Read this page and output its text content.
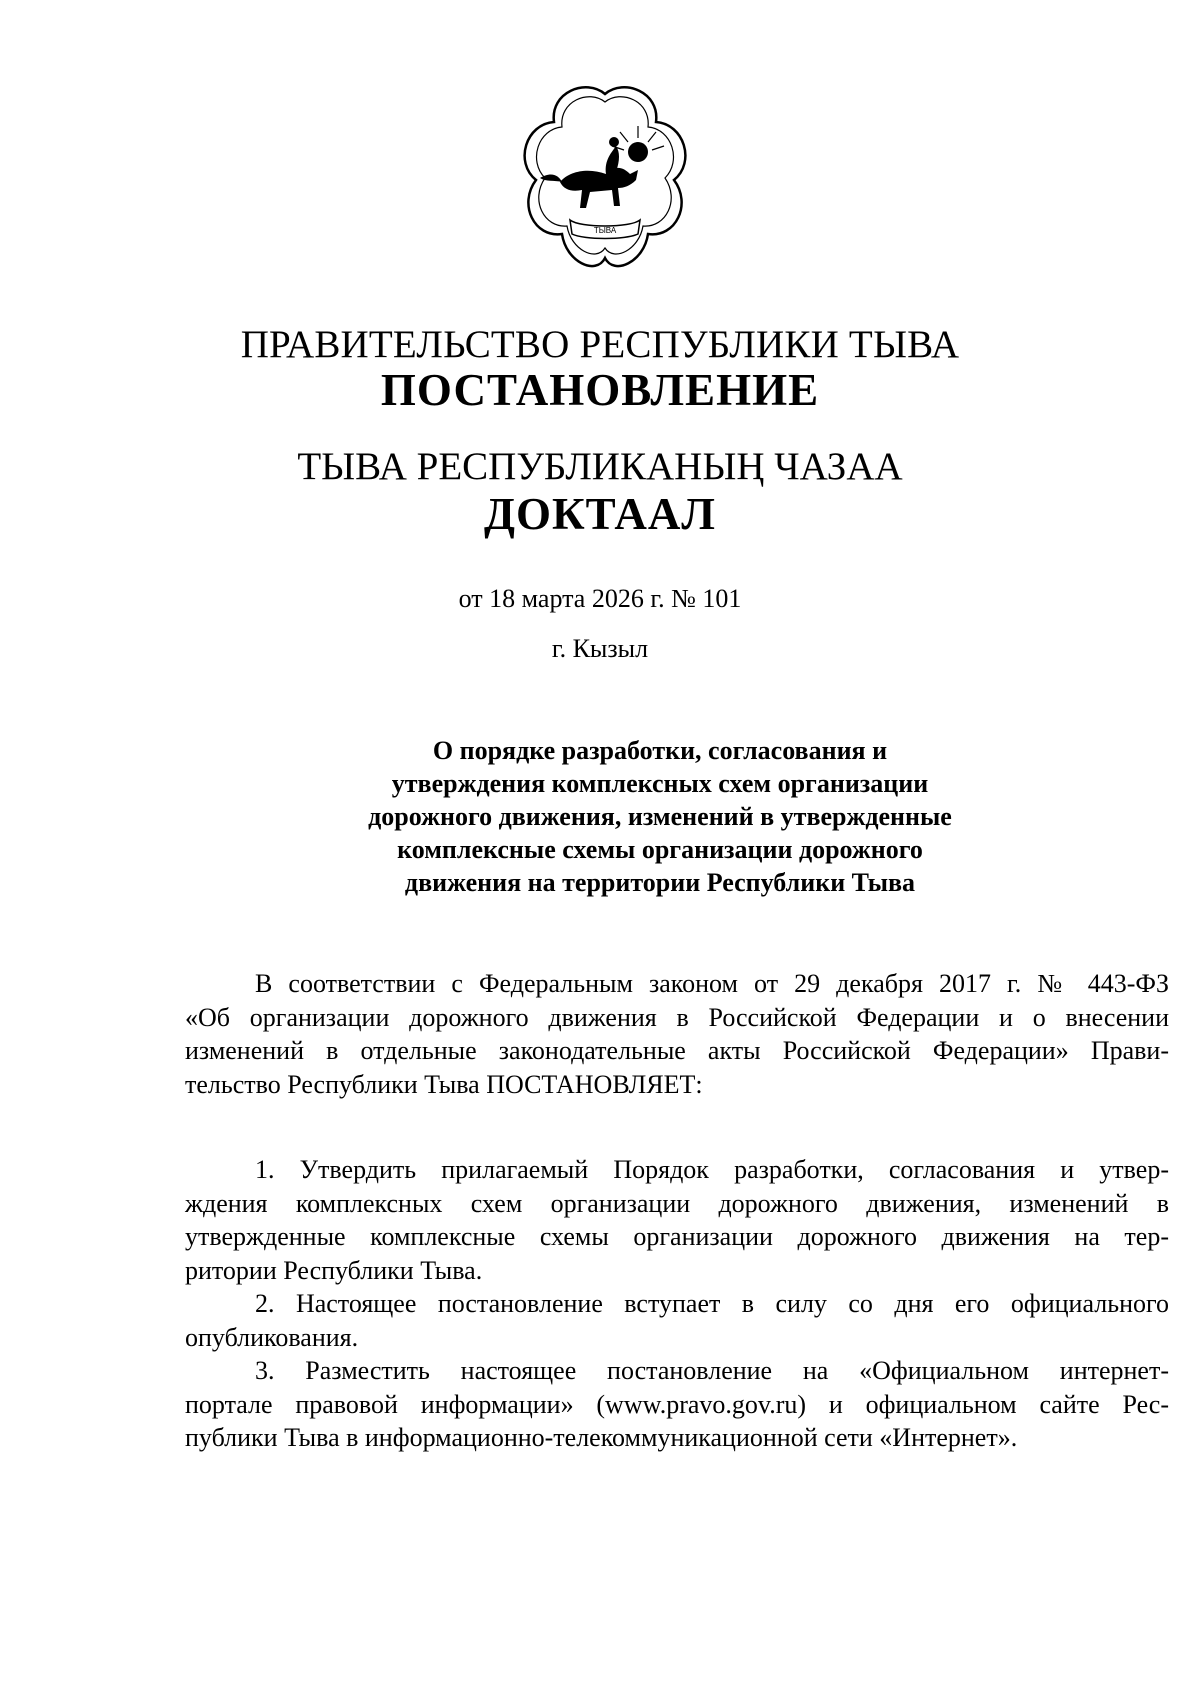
ТЫВА
ПРАВИТЕЛЬСТВО РЕСПУБЛИКИ ТЫВА
ПОСТАНОВЛЕНИЕ
ТЫВА РЕСПУБЛИКАНЫҢ ЧАЗАА
ДОКТААЛ
от 18 марта 2026 г. № 101
г. Кызыл
О порядке разработки, согласования и
утверждения комплексных схем организации
дорожного движения, изменений в утвержденные
комплексные схемы организации дорожного
движения на территории Республики Тыва
В соответствии с Федеральным законом от 29 декабря 2017 г. № 443-ФЗ
«Об организации дорожного движения в Российской Федерации и о внесении
изменений в отдельные законодательные акты Российской Федерации» Прави-
тельство Республики Тыва ПОСТАНОВЛЯЕТ:
1. Утвердить прилагаемый Порядок разработки, согласования и утвер-
ждения комплексных схем организации дорожного движения, изменений в
утвержденные комплексные схемы организации дорожного движения на тер-
ритории Республики Тыва.
2. Настоящее постановление вступает в силу со дня его официального
опубликования.
3. Разместить настоящее постановление на «Официальном интернет-
портале правовой информации» (www.pravo.gov.ru) и официальном сайте Рес-
публики Тыва в информационно-телекоммуникационной сети «Интернет».
